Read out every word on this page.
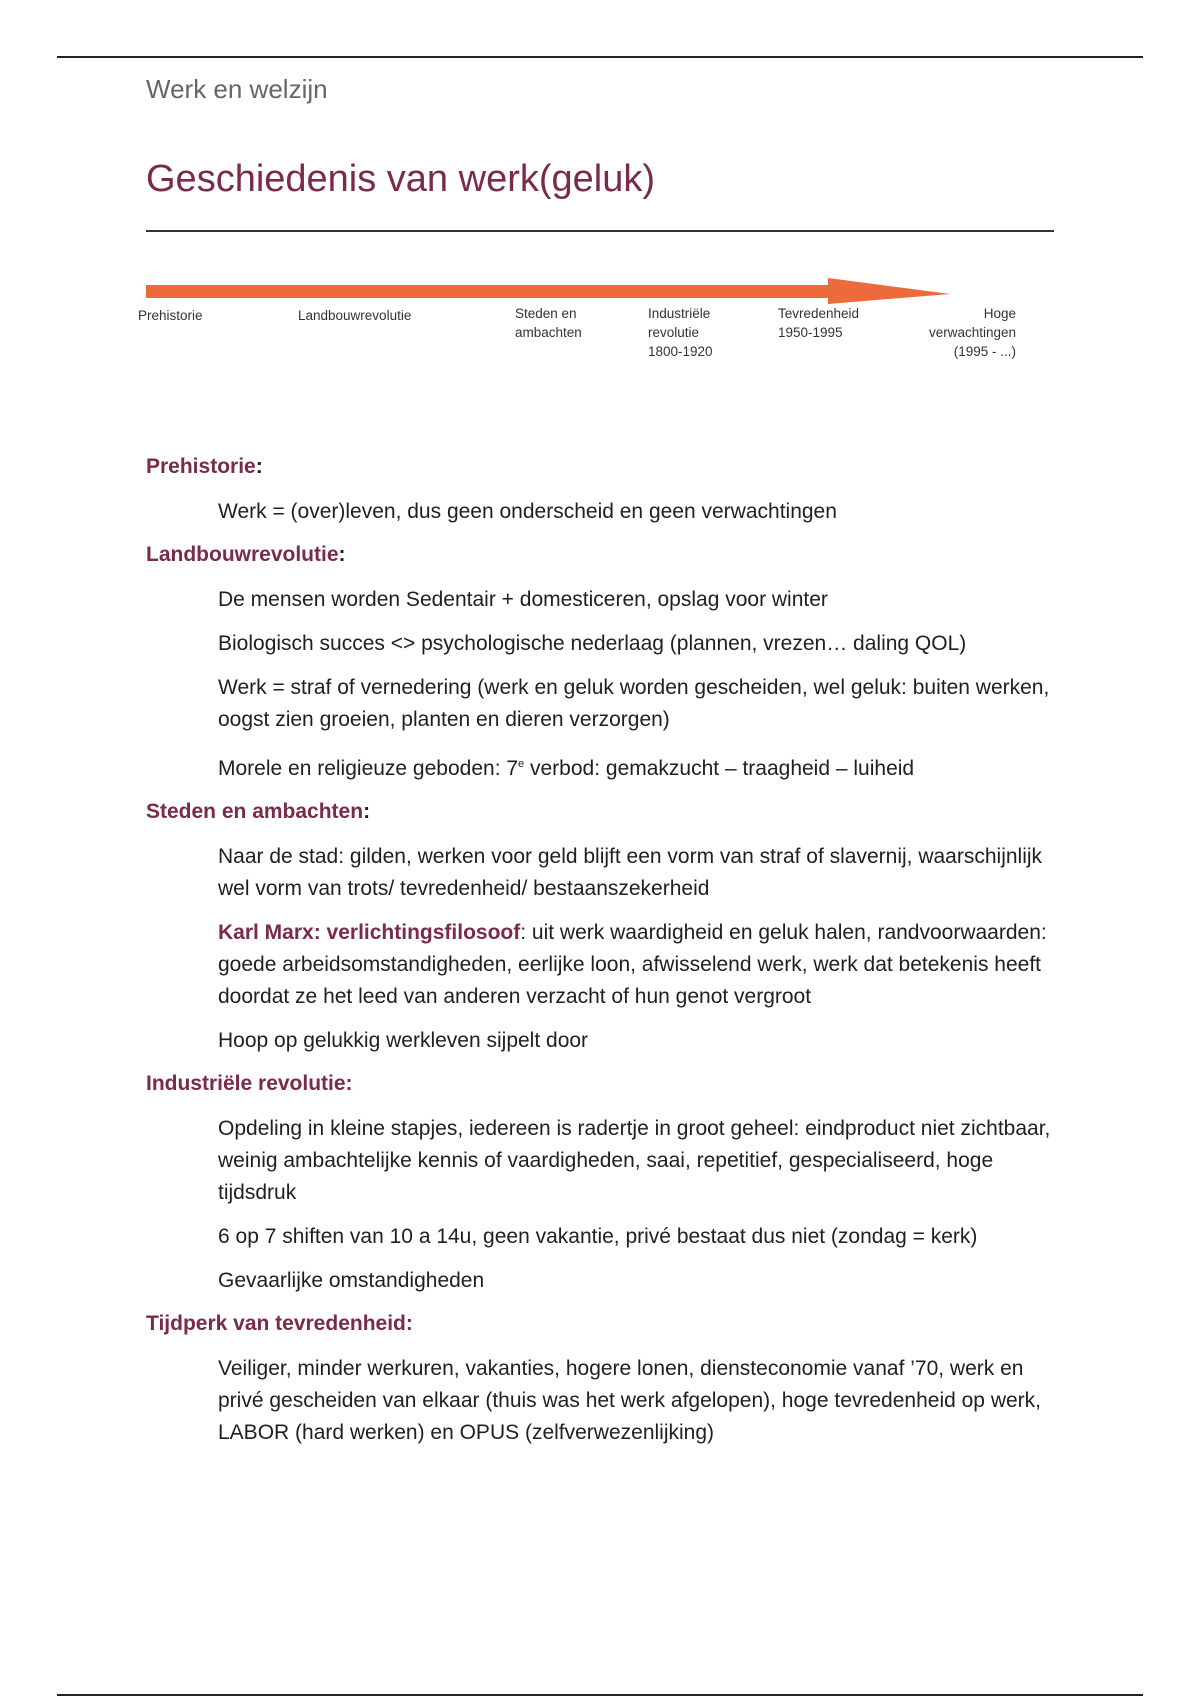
Werk en welzijn
Geschiedenis van werk(geluk)
Prehistorie	Landbouwrevolutie	Steden en
ambachten
Industriële
revolutie
1800-1920
Tevredenheid
1950-1995
Hoge
verwachtingen
(1995 - ...)
Prehistorie:
Werk = (over)leven, dus geen onderscheid en geen verwachtingen
Landbouwrevolutie:
De mensen worden Sedentair + domesticeren, opslag voor winter
Biologisch succes <> psychologische nederlaag (plannen, vrezen… daling QOL)
Werk = straf of vernedering (werk en geluk worden gescheiden, wel geluk: buiten werken, oogst zien groeien, planten en dieren verzorgen)
Morele en religieuze geboden: 7e verbod: gemakzucht – traagheid – luiheid
Steden en ambachten:
Naar de stad: gilden, werken voor geld blijft een vorm van straf of slavernij, waarschijnlijk wel vorm van trots/ tevredenheid/ bestaanszekerheid
Karl Marx: verlichtingsfilosoof: uit werk waardigheid en geluk halen, randvoorwaarden: goede arbeidsomstandigheden, eerlijke loon, afwisselend werk, werk dat betekenis heeft doordat ze het leed van anderen verzacht of hun genot vergroot
Hoop op gelukkig werkleven sijpelt door
Industriële revolutie:
Opdeling in kleine stapjes, iedereen is radertje in groot geheel: eindproduct niet zichtbaar, weinig ambachtelijke kennis of vaardigheden, saai, repetitief, gespecialiseerd, hoge tijdsdruk
6 op 7 shiften van 10 a 14u, geen vakantie, privé bestaat dus niet (zondag = kerk)
Gevaarlijke omstandigheden
Tijdperk van tevredenheid:
Veiliger, minder werkuren, vakanties, hogere lonen, diensteconomie vanaf ’70, werk en privé gescheiden van elkaar (thuis was het werk afgelopen), hoge tevredenheid op werk, LABOR (hard werken) en OPUS (zelfverwezenlijking)
